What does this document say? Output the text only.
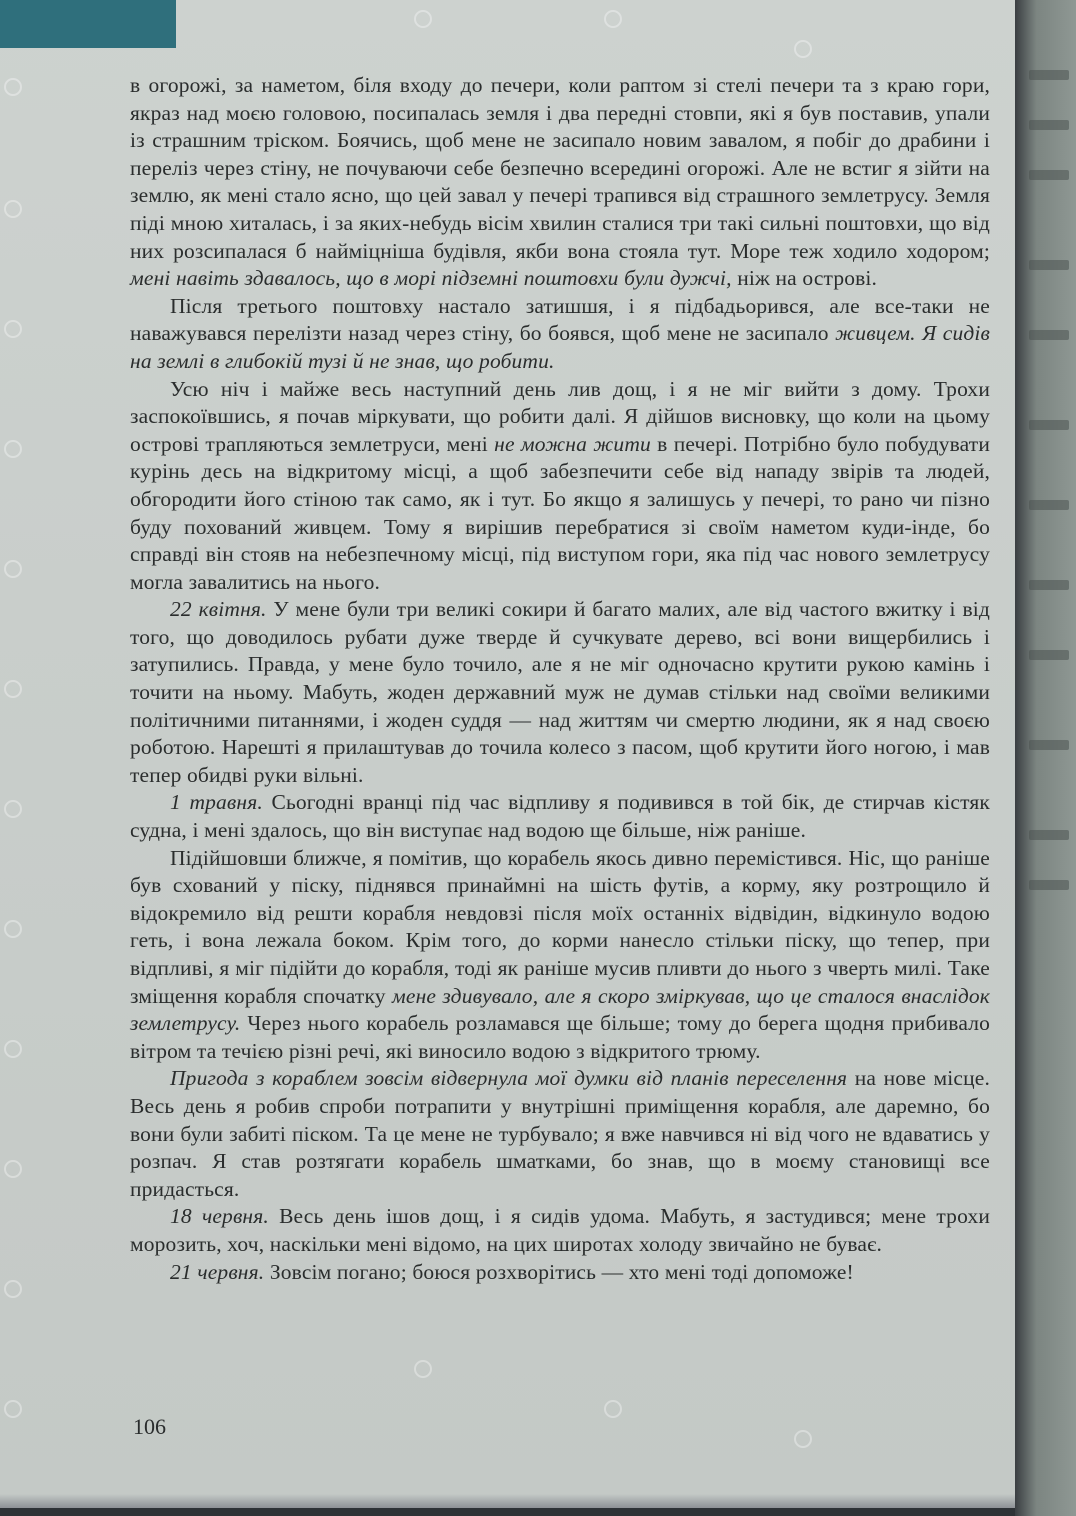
в огорожі, за наметом, біля входу до печери, коли раптом зі стелі печери та з краю гори, якраз над моєю головою, посипалась земля і два передні стовпи, які я був поставив, упали із страшним тріском. Боячись, щоб мене не засипало новим завалом, я побіг до драбини і переліз через стіну, не почуваючи себе безпечно всередині огорожі. Але не встиг я зійти на землю, як мені стало ясно, що цей завал у печері трапився від страшного землетрусу. Земля піді мною хиталась, і за яких-небудь вісім хвилин сталися три такі сильні поштовхи, що від них розсипалася б найміцніша будівля, якби вона стояла тут. Море теж ходило ходором; мені навіть здавалось, що в морі підземні поштовхи були дужчі, ніж на острові.

Після третього поштовху настало затишшя, і я підбадьорився, але все-таки не наважувався перелізти назад через стіну, бо боявся, щоб мене не засипало живцем. Я сидів на землі в глибокій тузі й не знав, що робити.

Усю ніч і майже весь наступний день лив дощ, і я не міг вийти з дому. Трохи заспокоївшись, я почав міркувати, що робити далі. Я дійшов висновку, що коли на цьому острові трапляються землетруси, мені не можна жити в печері. Потрібно було побудувати курінь десь на відкритому місці, а щоб забезпечити себе від нападу звірів та людей, обгородити його стіною так само, як і тут. Бо якщо я залишусь у печері, то рано чи пізно буду похований живцем. Тому я вирішив перебратися зі своїм наметом куди-інде, бо справді він стояв на небезпечному місці, під виступом гори, яка під час нового землетрусу могла завалитись на нього.

22 квітня. У мене були три великі сокири й багато малих, але від частого вжитку і від того, що доводилось рубати дуже тверде й сучкувате дерево, всі вони вищербились і затупились. Правда, у мене було точило, але я не міг одночасно крутити рукою камінь і точити на ньому. Мабуть, жоден державний муж не думав стільки над своїми великими політичними питаннями, і жоден суддя — над життям чи смертю людини, як я над своєю роботою. Нарешті я прилаштував до точила колесо з пасом, щоб крутити його ногою, і мав тепер обидві руки вільні.

1 травня. Сьогодні вранці під час відпливу я подивився в той бік, де стирчав кістяк судна, і мені здалось, що він виступає над водою ще більше, ніж раніше.

Підійшовши ближче, я помітив, що корабель якось дивно перемістився. Ніс, що раніше був схований у піску, піднявся принаймні на шість футів, а корму, яку розтрощило й відокремило від решти корабля невдовзі після моїх останніх відвідин, відкинуло водою геть, і вона лежала боком. Крім того, до корми нанесло стільки піску, що тепер, при відпливі, я міг підійти до корабля, тоді як раніше мусив пливти до нього з чверть милі. Таке зміщення корабля спочатку мене здивувало, але я скоро зміркував, що це сталося внаслідок землетрусу. Через нього корабель розламався ще більше; тому до берега щодня прибивало вітром та течією різні речі, які виносило водою з відкритого трюму.

Пригода з кораблем зовсім відвернула мої думки від планів переселення на нове місце. Весь день я робив спроби потрапити у внутрішні приміщення корабля, але даремно, бо вони були забиті піском. Та це мене не турбувало; я вже навчився ні від чого не вдаватись у розпач. Я став розтягати корабель шматками, бо знав, що в моєму становищі все придасться.

18 червня. Весь день ішов дощ, і я сидів удома. Мабуть, я застудився; мене трохи морозить, хоч, наскільки мені відомо, на цих широтах холоду звичайно не буває.

21 червня. Зовсім погано; боюся розхворітись — хто мені тоді допоможе!

106
